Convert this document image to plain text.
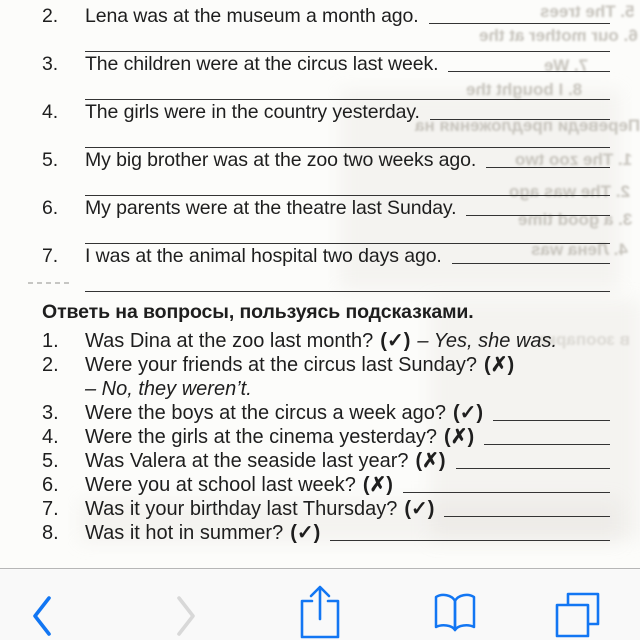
5. The trees
6. our mother at the
7. We
8. I bought the
Переведи предложения на
1. The zoo two
2. The was ago
3. a good time
4. Лена was
в зоопарке
2.	Lena was at the museum a month ago.
3.	The children were at the circus last week.
4.	The girls were in the country yesterday.
5.	My big brother was at the zoo two weeks ago.
6.	My parents were at the theatre last Sunday.
7.	I was at the animal hospital two days ago.
Ответь на вопросы, пользуясь подсказками.
1.	Was Dina at the zoo last month? (✓) – Yes, she was.
2.	Were your friends at the circus last Sunday? (✗)
– No, they weren’t.
3.	Were the boys at the circus a week ago? (✓)
4.	Were the girls at the cinema yesterday? (✗)
5.	Was Valera at the seaside last year? (✗)
6.	Were you at school last week? (✗)
7.	Was it your birthday last Thursday? (✓)
8.	Was it hot in summer? (✓)
